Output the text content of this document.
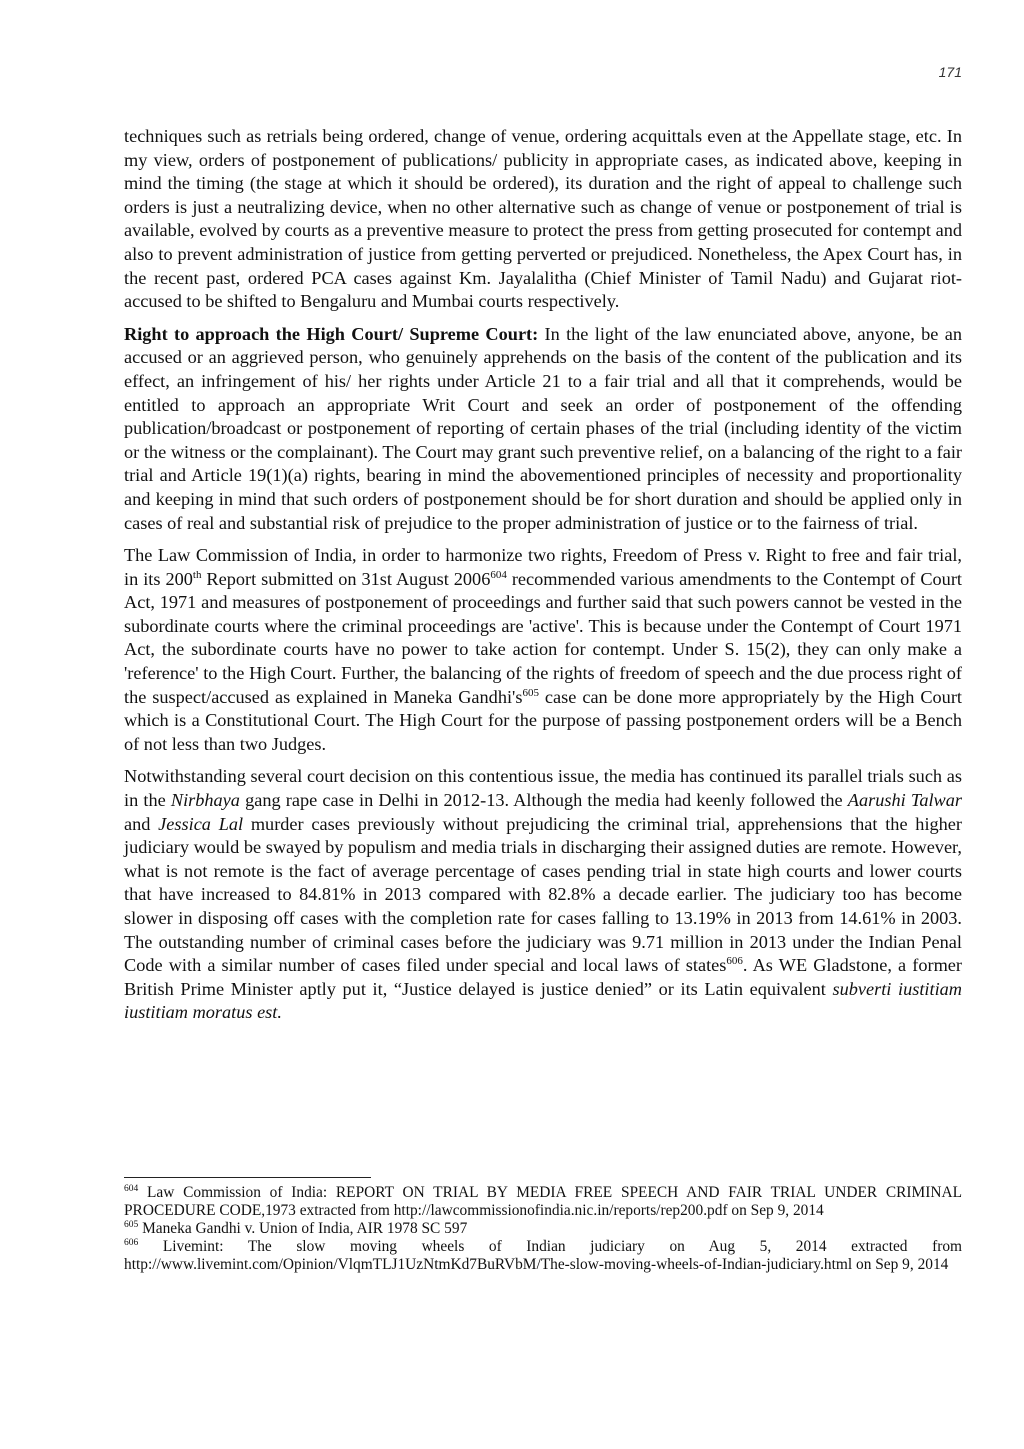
171

techniques such as retrials being ordered, change of venue, ordering acquittals even at the Appellate stage, etc. In my view, orders of postponement of publications/ publicity in appropriate cases, as indicated above, keeping in mind the timing (the stage at which it should be ordered), its duration and the right of appeal to challenge such orders is just a neutralizing device, when no other alternative such as change of venue or postponement of trial is available, evolved by courts as a preventive measure to protect the press from getting prosecuted for contempt and also to prevent administration of justice from getting perverted or prejudiced. Nonetheless, the Apex Court has, in the recent past, ordered PCA cases against Km. Jayalalitha (Chief Minister of Tamil Nadu) and Gujarat riot-accused to be shifted to Bengaluru and Mumbai courts respectively.

Right to approach the High Court/ Supreme Court: In the light of the law enunciated above, anyone, be an accused or an aggrieved person, who genuinely apprehends on the basis of the content of the publication and its effect, an infringement of his/ her rights under Article 21 to a fair trial and all that it comprehends, would be entitled to approach an appropriate Writ Court and seek an order of postponement of the offending publication/broadcast or postponement of reporting of certain phases of the trial (including identity of the victim or the witness or the complainant). The Court may grant such preventive relief, on a balancing of the right to a fair trial and Article 19(1)(a) rights, bearing in mind the abovementioned principles of necessity and proportionality and keeping in mind that such orders of postponement should be for short duration and should be applied only in cases of real and substantial risk of prejudice to the proper administration of justice or to the fairness of trial.

The Law Commission of India, in order to harmonize two rights, Freedom of Press v. Right to free and fair trial, in its 200th Report submitted on 31st August 2006$^{604}$ recommended various amendments to the Contempt of Court Act, 1971 and measures of postponement of proceedings and further said that such powers cannot be vested in the subordinate courts where the criminal proceedings are 'active'. This is because under the Contempt of Court 1971 Act, the subordinate courts have no power to take action for contempt. Under S. 15(2), they can only make a 'reference' to the High Court. Further, the balancing of the rights of freedom of speech and the due process right of the suspect/accused as explained in Maneka $Gandhi's^{605}$ case can be done more appropriately by the High Court which is a Constitutional Court. The High Court for the purpose of passing postponement orders will be a Bench of not less than two Judges.

Notwithstanding several court decision on this contentious issue, the media has continued its parallel trials such as in the Nirbhaya gang rape case in Delhi in 2012-13. Although the media had keenly followed the Aarushi Talwar and Jessica Lal murder cases previously without prejudicing the criminal trial, apprehensions that the higher judiciary would be swayed by populism and media trials in discharging their assigned duties are remote. However, what is not remote is the fact of average percentage of cases pending trial in state high courts and lower courts that have increased to 84.81% in 2013 compared with 82.8% a decade earlier. The judiciary too has become slower in disposing off cases with the completion rate for cases falling to 13.19% in 2013 from 14.61% in 2003. The outstanding number of criminal cases before the judiciary was 9.71 million in 2013 under the Indian Penal Code with a similar number of cases filed under special and local laws of states$^{606}$. As WE Gladstone, a former British Prime Minister aptly put it, “Justice delayed is justice denied” or its Latin equivalent subverti iustitiam iustitiam moratus est.

$^{604}$ Law Commission of India: REPORT ON TRIAL BY MEDIA FREE SPEECH AND FAIR TRIAL UNDER CRIMINAL PROCEDURE CODE,1973 extracted from http://lawcommissionofindia.nic.in/reports/rep200.pdf on Sep 9, 2014

$^{605}$ Maneka Gandhi v. Union of India, AIR 1978 SC 597

$^{606}$ Livemint: The slow moving wheels of Indian judiciary on Aug 5, 2014 extracted from http://www.livemint.com/Opinion/VlqmTLJ1UzNtmKd7BuRVbM/The-slow-moving-wheels-of-Indian-judiciary.html on Sep 9, 2014
